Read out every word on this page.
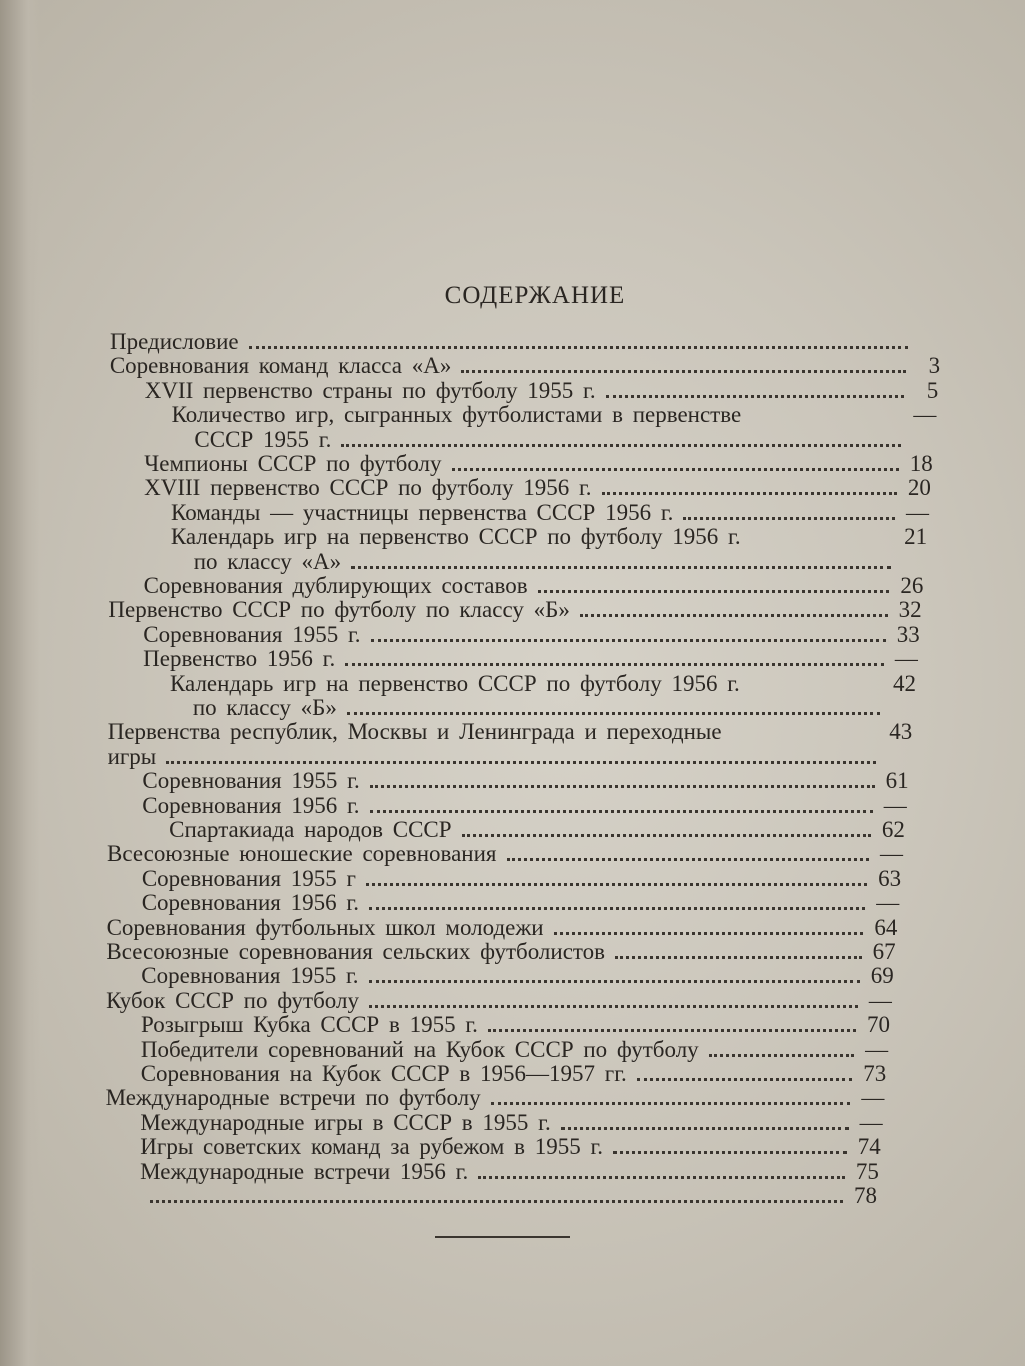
СОДЕРЖАНИЕ
Предисловие
Соревнования команд класса «А»	3
XVII первенство страны по футболу 1955 г.	5
Количество игр, сыгранных футболистами в первенстве	—
СССР 1955 г.
Чемпионы СССР по футболу	18
XVIII первенство СССР по футболу 1956 г.	20
Команды — участницы первенства СССР 1956 г.	—
Календарь игр на первенство СССР по футболу 1956 г.	21
по классу «А»
Соревнования дублирующих составов	26
Первенство СССР по футболу по классу «Б»	32
Соревнования 1955 г.	33
Первенство 1956 г.	—
Календарь игр на первенство СССР по футболу 1956 г.	42
по классу «Б»
Первенства республик, Москвы и Ленинграда и переходные	43
игры
Соревнования 1955 г.	61
Соревнования 1956 г.	—
Спартакиада народов СССР	62
Всесоюзные юношеские соревнования	—
Соревнования 1955 г	63
Соревнования 1956 г.	—
Соревнования футбольных школ молодежи	64
Всесоюзные соревнования сельских футболистов	67
Соревнования 1955 г.	69
Кубок СССР по футболу	—
Розыгрыш Кубка СССР в 1955 г.	70
Победители соревнований на Кубок СССР по футболу	—
Соревнования на Кубок СССР в 1956—1957 гг.	73
Международные встречи по футболу	—
Международные игры в СССР в 1955 г.	—
Игры советских команд за рубежом в 1955 г.	74
Международные встречи 1956 г.	75
78
